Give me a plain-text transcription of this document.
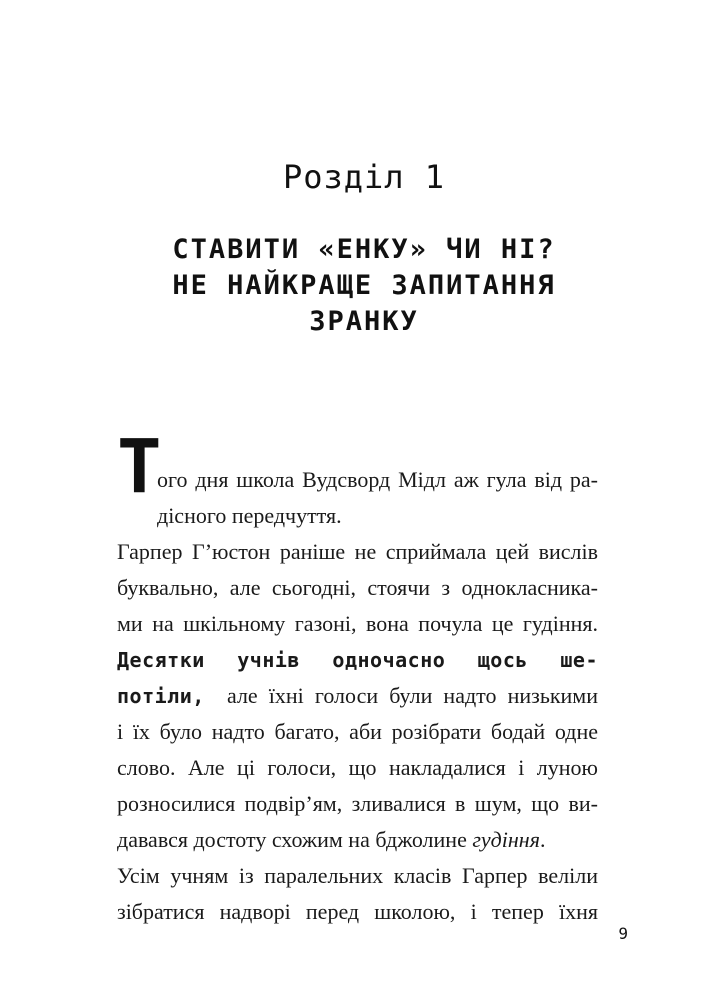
Розділ 1
СТАВИТИ «ЕНКУ» ЧИ НІ?
НЕ НАЙКРАЩЕ ЗАПИТАННЯ
ЗРАНКУ
Т
ого дня школа Вудсворд Мідл аж гула від ра-
дісного передчуття.
Гарпер Г’юстон раніше не сприймала цей вислів
буквально, але сьогодні, стоячи з однокласника-
ми на шкільному газоні, вона почула це гудіння.
Десятки учнів одночасно щось ше-
потіли, але їхні голоси були надто низькими
і їх було надто багато, аби розібрати бодай одне
слово. Але ці голоси, що накладалися і луною
розносилися подвір’ям, зливалися в шум, що ви-
давався достоту схожим на бджолине гудіння.
Усім учням із паралельних класів Гарпер веліли
зібратися надворі перед школою, і тепер їхня
9
